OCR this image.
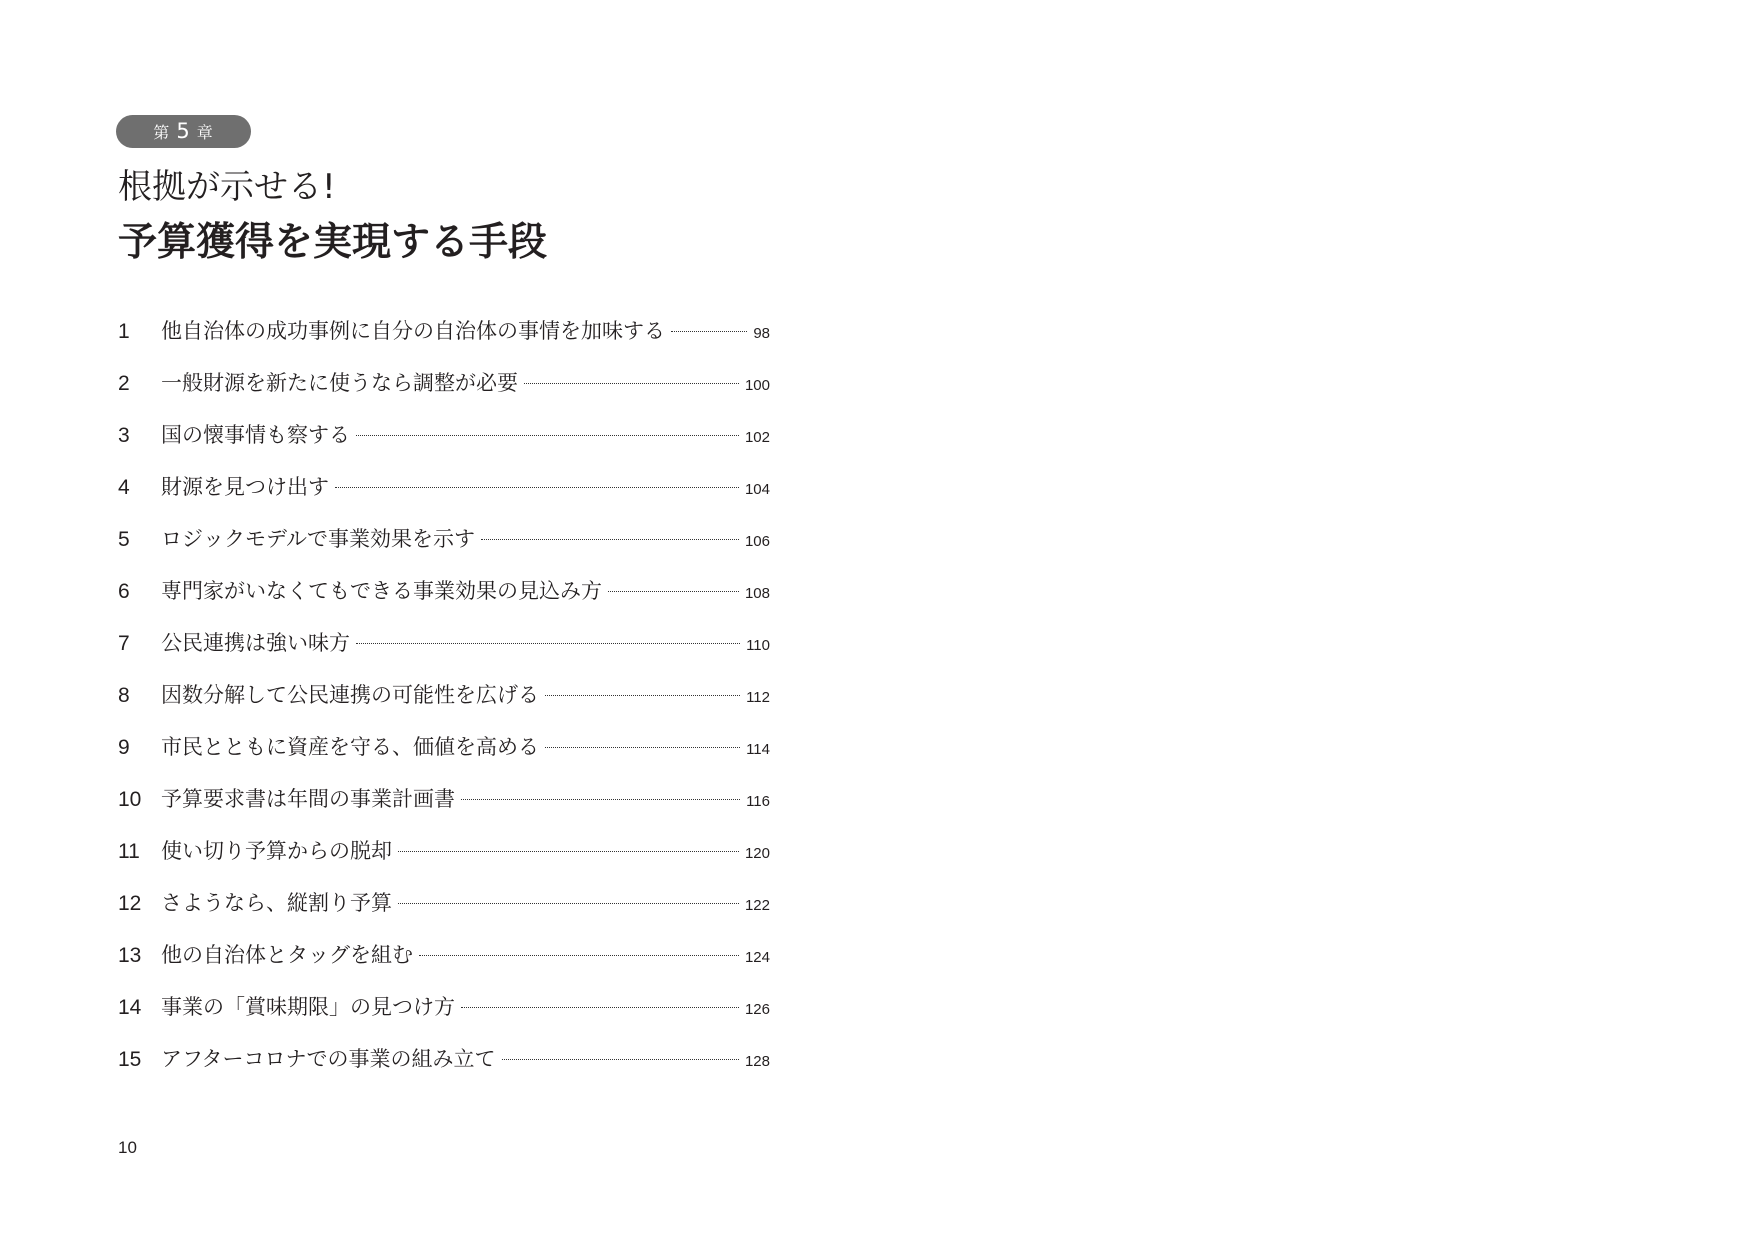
第 5 章
根拠が示せる!
予算獲得を実現する手段
1	他自治体の成功事例に自分の自治体の事情を加味する	98
2	一般財源を新たに使うなら調整が必要	100
3	国の懐事情も察する	102
4	財源を見つけ出す	104
5	ロジックモデルで事業効果を示す	106
6	専門家がいなくてもできる事業効果の見込み方	108
7	公民連携は強い味方	110
8	因数分解して公民連携の可能性を広げる	112
9	市民とともに資産を守る、価値を高める	114
10 予算要求書は年間の事業計画書	116
11	使い切り予算からの脱却	120
12 さようなら、縦割り予算	122
13 他の自治体とタッグを組む	124
14 事業の「賞味期限」の見つけ方	126
15 アフターコロナでの事業の組み立て	128
10
